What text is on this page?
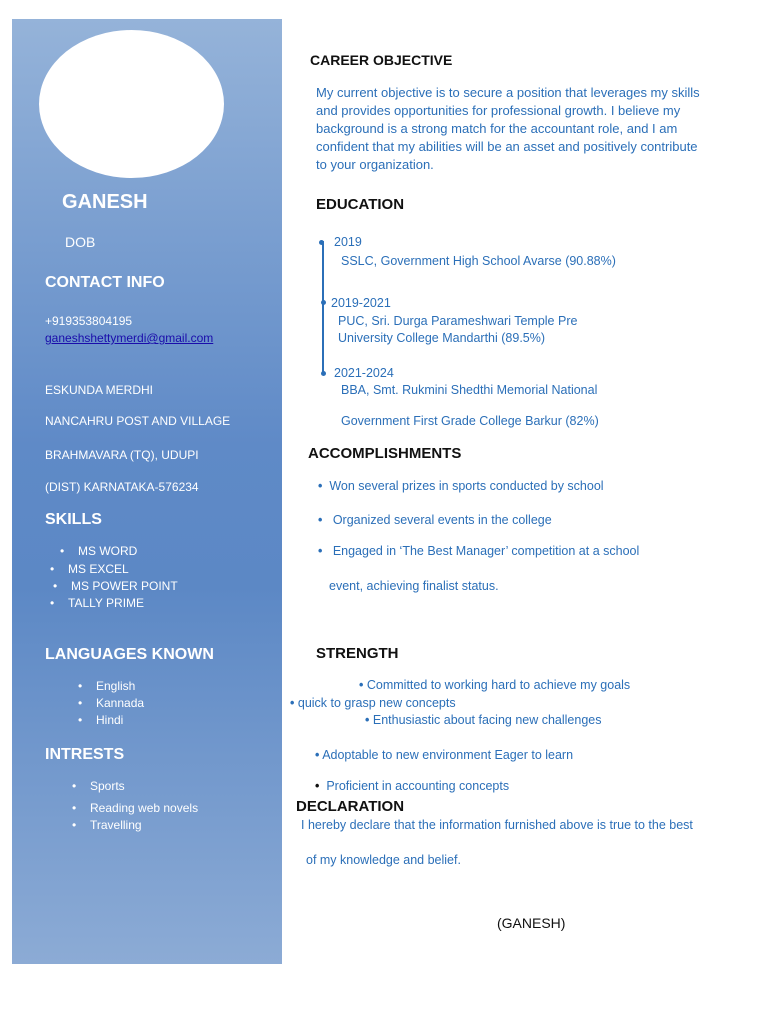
GANESH
DOB
CONTACT INFO
+919353804195
ganeshshettymerdi@gmail.com
ESKUNDA MERDHI
NANCAHRU POST AND VILLAGE
BRAHMAVARA (TQ), UDUPI
(DIST) KARNATAKA-576234
SKILLS
• MS WORD
• MS EXCEL
• MS POWER POINT
• TALLY PRIME
LANGUAGES KNOWN
• English
• Kannada
• Hindi
INTRESTS
• Sports
• Reading web novels
• Travelling
CAREER OBJECTIVE
My current objective is to secure a position that leverages my skills
and provides opportunities for professional growth. I believe my
background is a strong match for the accountant role, and I am
confident that my abilities will be an asset and positively contribute
to your organization.
EDUCATION
2019
SSLC, Government High School Avarse (90.88%)
2019-2021
PUC, Sri. Durga Parameshwari Temple Pre
University College Mandarthi (89.5%)
2021-2024
BBA, Smt. Rukmini Shedthi Memorial National
Government First Grade College Barkur (82%)
ACCOMPLISHMENTS
• Won several prizes in sports conducted by school
• Organized several events in the college
• Engaged in ‘The Best Manager’ competition at a school
event, achieving finalist status.
STRENGTH
• Committed to working hard to achieve my goals
• quick to grasp new concepts
• Enthusiastic about facing new challenges
• Adoptable to new environment Eager to learn
• Proficient in accounting concepts
DECLARATION
I hereby declare that the information furnished above is true to the best
of my knowledge and belief.
(GANESH)
